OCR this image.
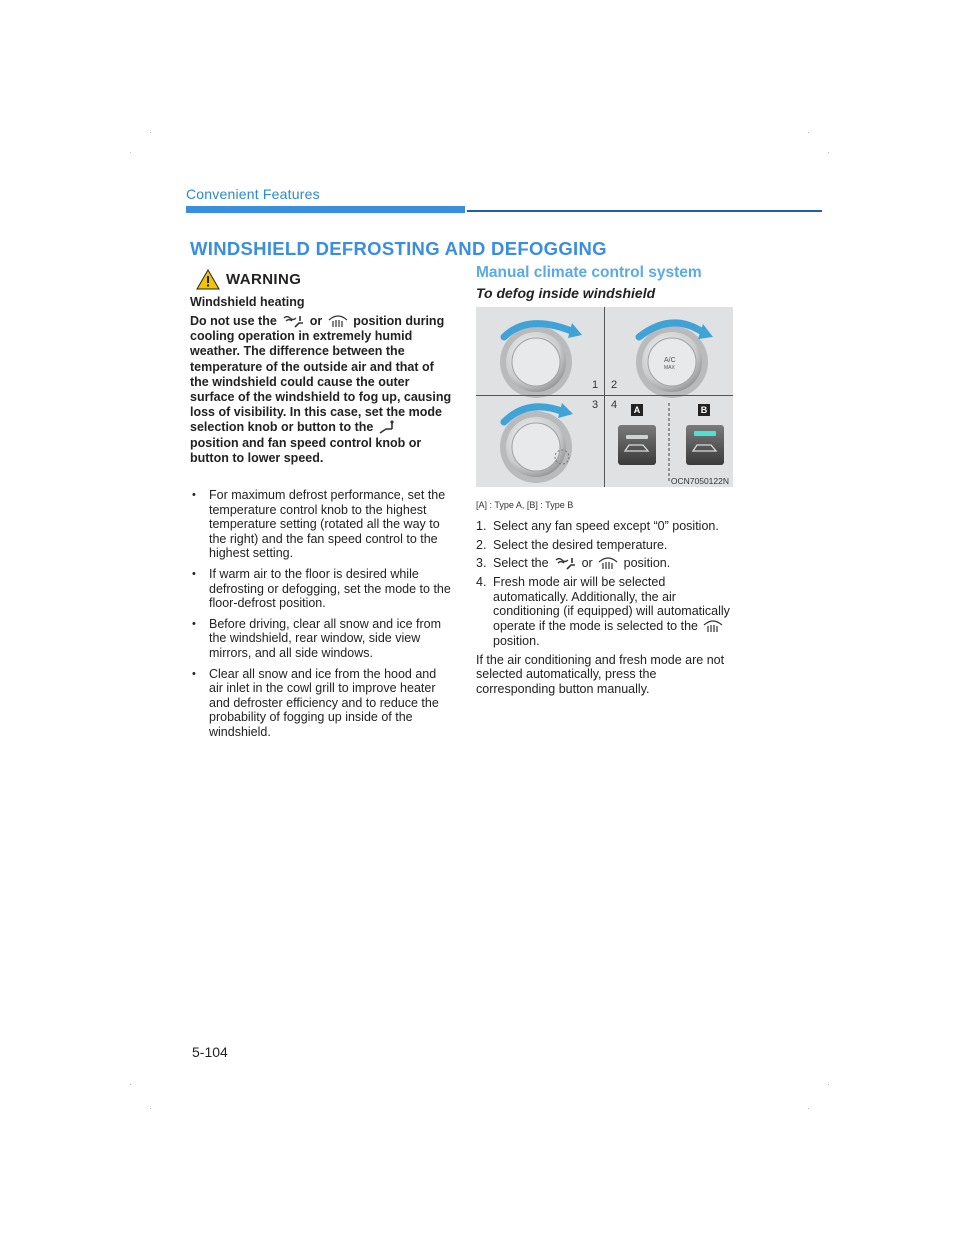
Convenient Features
WINDSHIELD DEFROSTING AND DEFOGGING
WARNING
Windshield heating
Do not use the	or position during cooling operation in extremely humid weather. The difference between the temperature of the outside air and that of the windshield could cause the outer surface of the windshield to fog up, causing loss of visibility. In this case, set the mode selection knob or button to the  position and fan speed control knob or button to lower speed.
• For maximum defrost performance, set the temperature control knob to the highest temperature setting (rotated all the way to the right) and the fan speed control to the highest setting.
• If warm air to the floor is desired while defrosting or defogging, set the mode to the floor-defrost position.
• Before driving, clear all snow and ice from the windshield, rear window, side view mirrors, and all side windows.
• Clear all snow and ice from the hood and air inlet in the cowl grill to improve heater and defroster efficiency and to reduce the probability of fogging up inside of the windshield.
Manual climate control system
To defog inside windshield
1 2
3 4	A	B
A/C
MAX
OCN7050122N
[A] : Type A, [B] : Type B
1. Select any fan speed except “0” position.
2. Select the desired temperature.
3. Select the	or position.
4. Fresh mode air will be selected automatically. Additionally, the air conditioning (if equipped) will automatically operate if the mode is selected to the  position.
If the air conditioning and fresh mode are not selected automatically, press the corresponding button manually.
5-104
